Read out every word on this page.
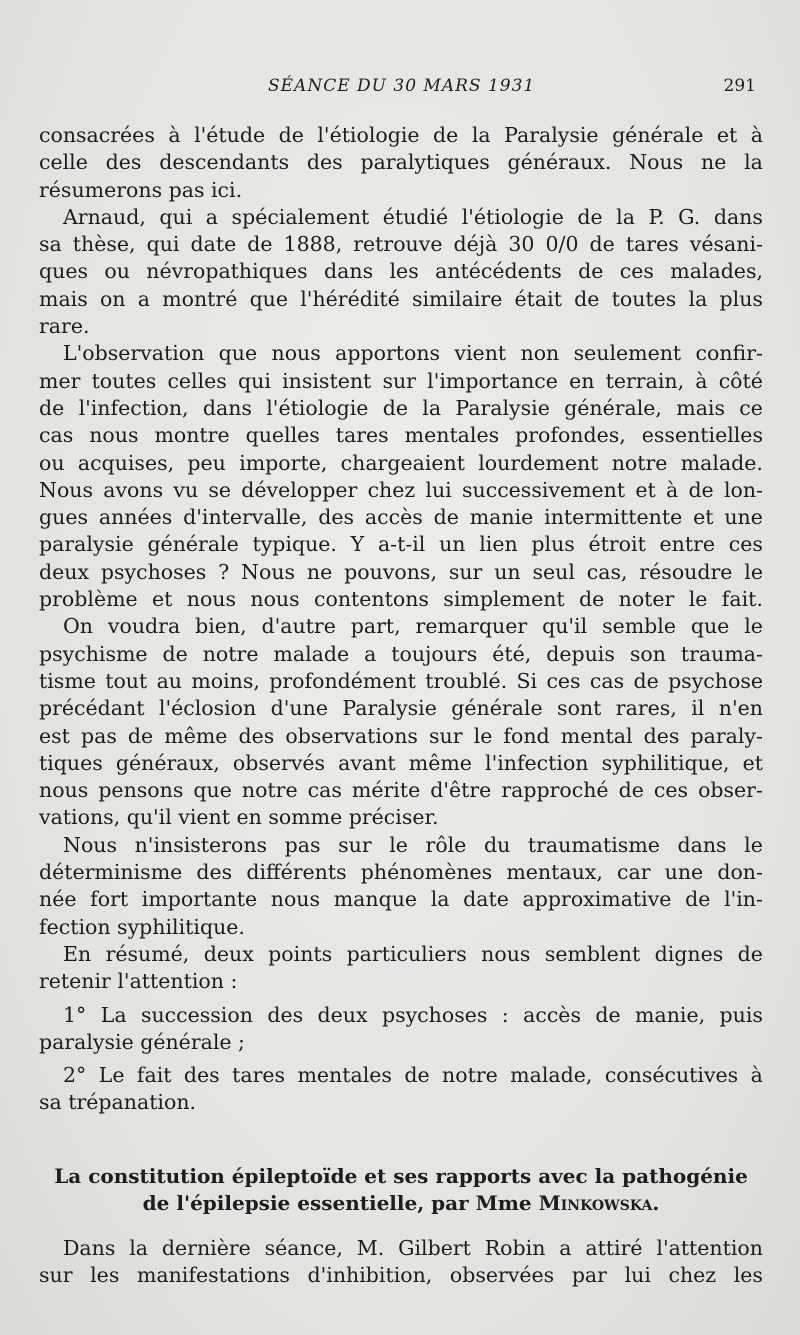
SÉANCE DU 30 MARS 1931	291
consacrées à l'étude de l'étiologie de la Paralysie générale et à
celle des descendants des paralytiques généraux. Nous ne la
résumerons pas ici.
Arnaud, qui a spécialement étudié l'étiologie de la P. G. dans
sa thèse, qui date de 1888, retrouve déjà 30 0/0 de tares vésani-
ques ou névropathiques dans les antécédents de ces malades,
mais on a montré que l'hérédité similaire était de toutes la plus
rare.
L'observation que nous apportons vient non seulement confir-
mer toutes celles qui insistent sur l'importance en terrain, à côté
de l'infection, dans l'étiologie de la Paralysie générale, mais ce
cas nous montre quelles tares mentales profondes, essentielles
ou acquises, peu importe, chargeaient lourdement notre malade.
Nous avons vu se développer chez lui successivement et à de lon-
gues années d'intervalle, des accès de manie intermittente et une
paralysie générale typique. Y a-t-il un lien plus étroit entre ces
deux psychoses ? Nous ne pouvons, sur un seul cas, résoudre le
problème et nous nous contentons simplement de noter le fait.
On voudra bien, d'autre part, remarquer qu'il semble que le
psychisme de notre malade a toujours été, depuis son trauma-
tisme tout au moins, profondément troublé. Si ces cas de psychose
précédant l'éclosion d'une Paralysie générale sont rares, il n'en
est pas de même des observations sur le fond mental des paraly-
tiques généraux, observés avant même l'infection syphilitique, et
nous pensons que notre cas mérite d'être rapproché de ces obser-
vations, qu'il vient en somme préciser.
Nous n'insisterons pas sur le rôle du traumatisme dans le
déterminisme des différents phénomènes mentaux, car une don-
née fort importante nous manque la date approximative de l'in-
fection syphilitique.
En résumé, deux points particuliers nous semblent dignes de
retenir l'attention :
1° La succession des deux psychoses : accès de manie, puis
paralysie générale ;
2° Le fait des tares mentales de notre malade, consécutives à
sa trépanation.
La constitution épileptoïde et ses rapports avec la pathogénie
de l'épilepsie essentielle, par Mme Minkowska.
Dans la dernière séance, M. Gilbert Robin a attiré l'attention
sur les manifestations d'inhibition, observées par lui chez les
